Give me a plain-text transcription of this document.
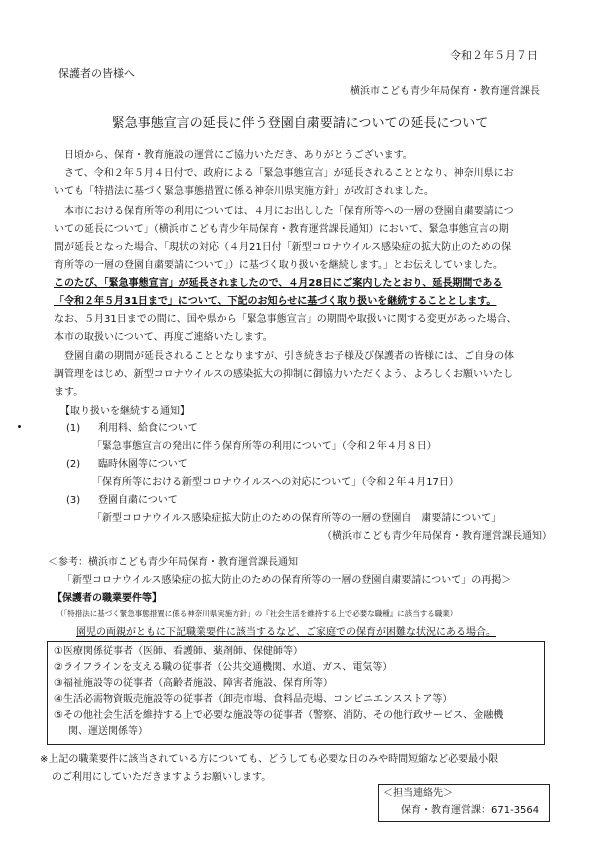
令和２年５月７日
保護者の皆様へ
横浜市こども青少年局保育・教育運営課長
緊急事態宣言の延長に伴う登園自粛要請についての延長について
日頃から、保育・教育施設の運営にご協力いただき、ありがとうございます。
さて、令和２年５月４日付で、政府による「緊急事態宣言」が延長されることとなり、神奈川県にお
いても「特措法に基づく緊急事態措置に係る神奈川県実施方針」が改訂されました。
本市における保育所等の利用については、４月にお出しした「保育所等への一層の登園自粛要請につ
いての延長について」（横浜市こども青少年局保育・教育運営課長通知）において、緊急事態宣言の期
間が延長となった場合、「現状の対応（４月21日付「新型コロナウイルス感染症の拡大防止のための保
育所等の一層の登園自粛要請について」）に基づく取り扱いを継続します。」とお伝えしていました。
このたび、「緊急事態宣言」が延長されましたので、４月28日にご案内したとおり、延長期間である
「令和２年５月31日まで」について、下記のお知らせに基づく取り扱いを継続することとします。
なお、５月31日までの間に、国や県から「緊急事態宣言」の期間や取扱いに関する変更があった場合、
本市の取扱いについて、再度ご連絡いたします。
登園自粛の期間が延長されることとなりますが、引き続きお子様及び保護者の皆様には、ご自身の体
調管理をはじめ、新型コロナウイルスの感染拡大の抑制に御協力いただくよう、よろしくお願いいたし
ます。
【取り扱いを継続する通知】
(1) 利用料、給食について
「緊急事態宣言の発出に伴う保育所等の利用について」（令和２年４月８日）
(2) 臨時休園等について
「保育所等における新型コロナウイルスへの対応について」（令和２年４月17日）
(3) 登園自粛について
「新型コロナウイルス感染症拡大防止のための保育所等の一層の登園自　粛要請について」
（横浜市こども青少年局保育・教育運営課長通知）
＜参考：横浜市こども青少年局保育・教育運営課長通知
「新型コロナウイルス感染症の拡大防止のための保育所等の一層の登園自粛要請について」の再掲＞
【保護者の職業要件等】
（「特措法に基づく緊急事態措置に係る神奈川県実施方針」の『社会生活を維持する上で必要な職種』に該当する職業）
園児の両親がともに下記職業要件に該当するなど、ご家庭での保育が困難な状況にある場合。
①医療関係従事者（医師、看護師、薬剤師、保健師等）
②ライフラインを支える職の従事者（公共交通機関、水道、ガス、電気等）
③福祉施設等の従事者（高齢者施設、障害者施設、保育所等）
④生活必需物資販売施設等の従事者（卸売市場、食料品売場、コンビニエンスストア等）
⑤その他社会生活を維持する上で必要な施設等の従事者（警察、消防、その他行政サービス、金融機
関、運送関係等）
※上記の職業要件に該当されている方についても、どうしても必要な日のみや時間短縮など必要最小限
のご利用にしていただきますようお願いします。
＜担当連絡先＞
保育・教育運営課：671-3564
